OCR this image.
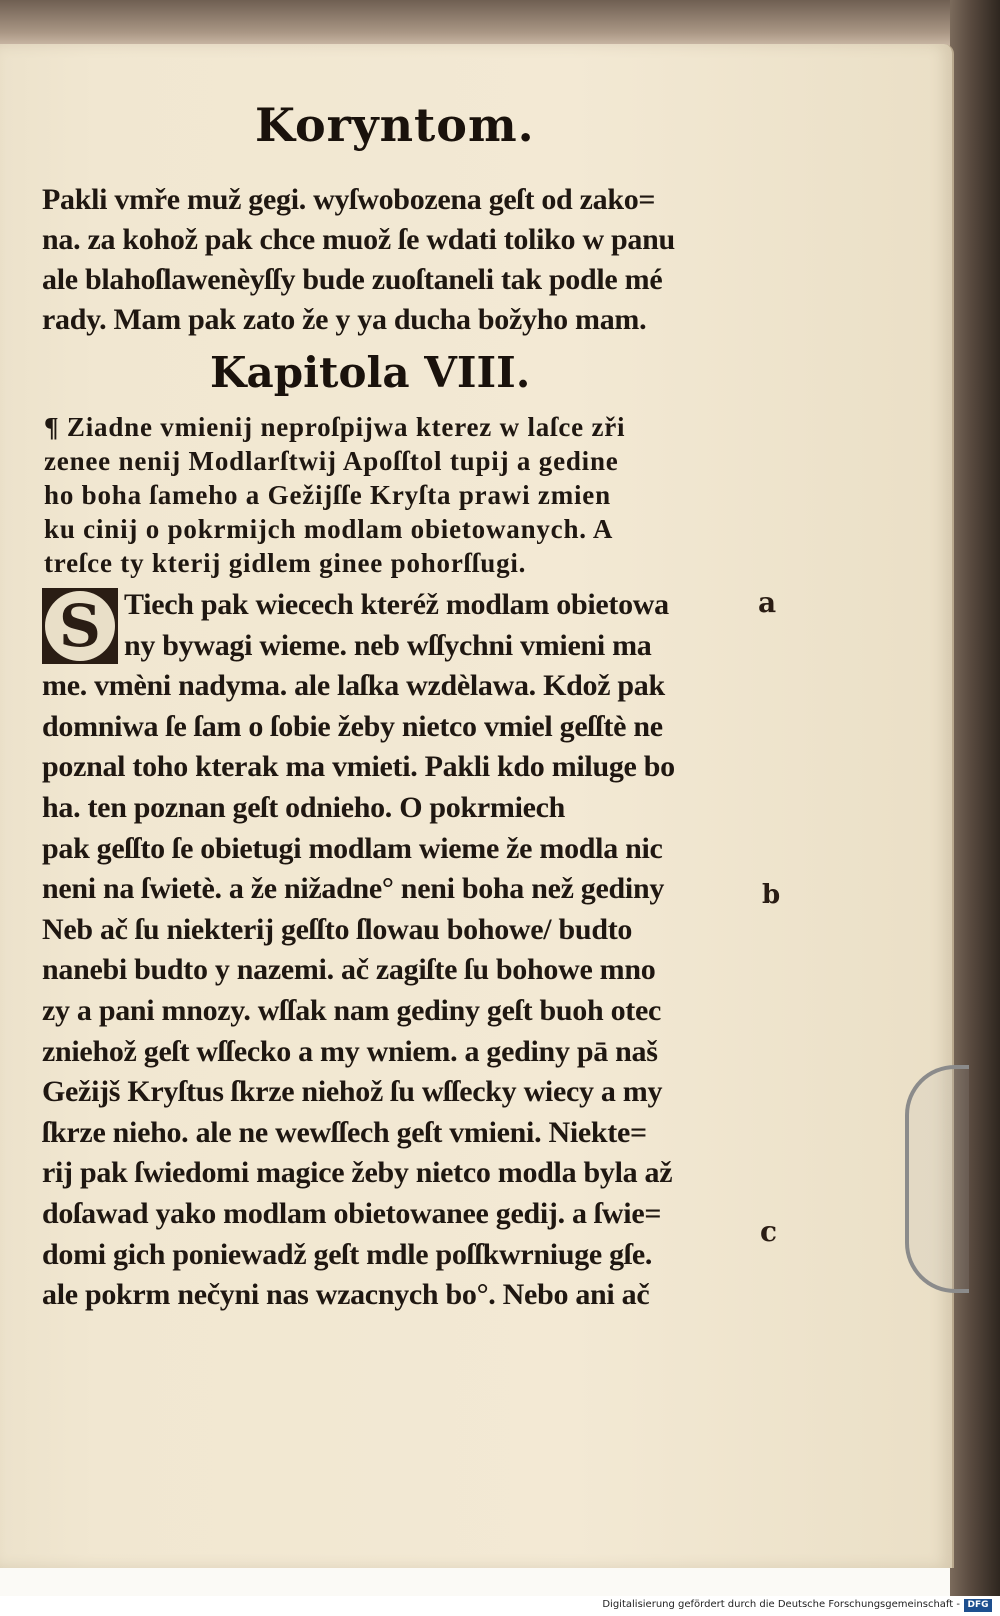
Koryntom.
Pakli vmře muž gegi. wyſwobozena geſt od zako=
na. za kohož pak chce muož ſe wdati toliko w panu
ale blahoſlawenèyſſy bude zuoſtaneli tak podle mé
rady. Mam pak zato že y ya ducha božyho mam.
Kapitola VIII.
¶ Ziadne vmienij neproſpijwa kterez w laſce zři
zenee nenij Modlarſtwij Apoſſtol tupij a gedine
ho boha ſameho a Gežijſſe Kryſta prawi zmien
ku cinij o pokrmijch modlam obietowanych. A
treſce ty kterij gidlem ginee pohorſſugi.
S Tiech pak wiecech kteréž modlam obietowa
ny bywagi wieme. neb wſſychni vmieni ma
me. vmèni nadyma. ale laſka wzdèlawa. Kdož pak
domniwa ſe ſam o ſobie žeby nietco vmiel geſſtè ne
poznal toho kterak ma vmieti. Pakli kdo miluge bo
ha. ten poznan geſt odnieho. O pokrmiech
pak geſſto ſe obietugi modlam wieme že modla nic
neni na ſwietè. a že nižadne° neni boha než gediny
Neb ač ſu niekterij geſſto ſlowau bohowe/ budto
nanebi budto y nazemi. ač zagiſte ſu bohowe mno
zy a pani mnozy. wſſak nam gediny geſt buoh otec
zniehož geſt wſſecko a my wniem. a gediny pā naš
Gežijš Kryſtus ſkrze niehož ſu wſſecky wiecy a my
ſkrze nieho. ale ne wewſſech geſt vmieni. Niekte=
rij pak ſwiedomi magice žeby nietco modla byla až
doſawad yako modlam obietowanee gedij. a ſwie=
domi gich poniewadž geſt mdle poſſkwrniuge gſe.
ale pokrm nečyni nas wzacnych bo°. Nebo ani ač
a
b
c
Digitalisierung gefördert durch die Deutsche Forschungsgemeinschaft - DFG
